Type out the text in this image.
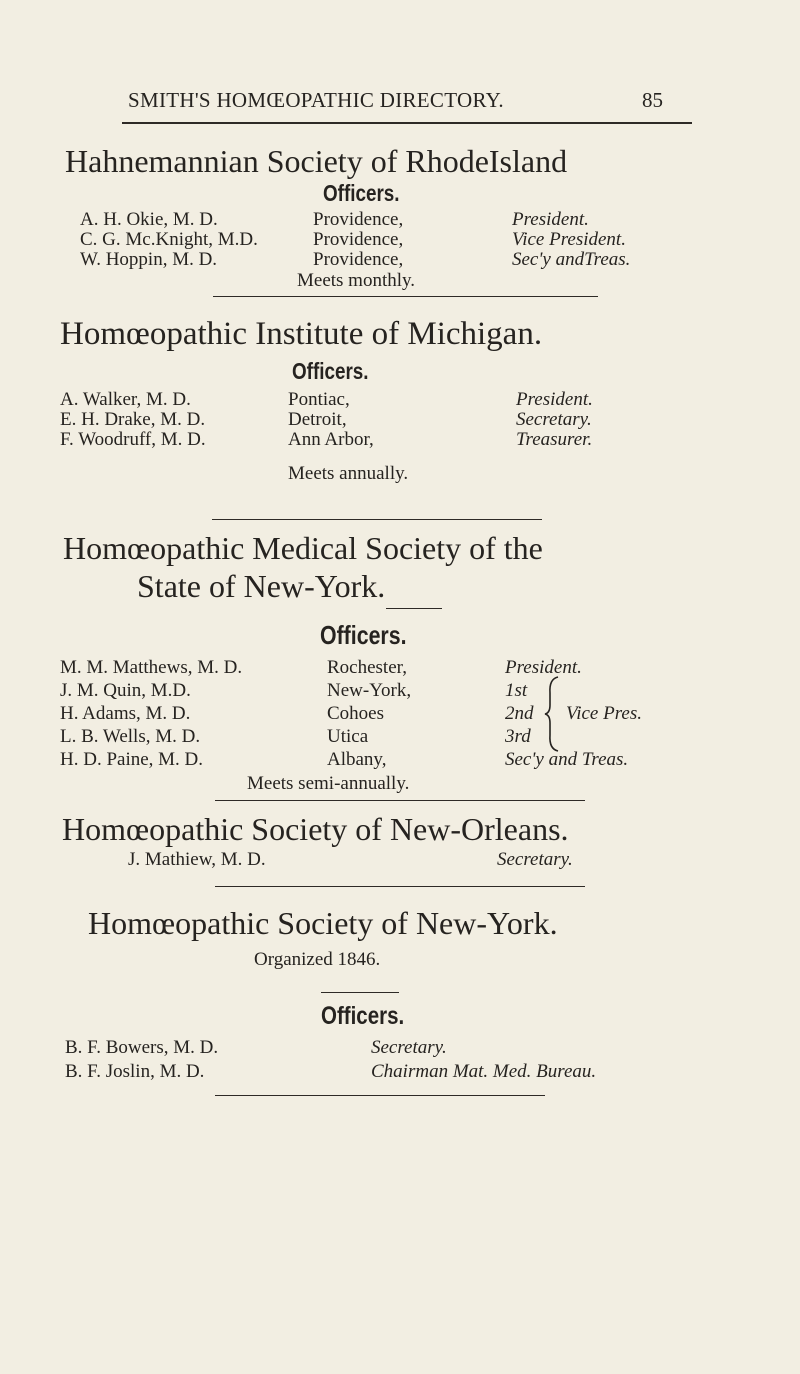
SMITH'S HOMŒOPATHIC DIRECTORY.	85
Hahnemannian Society of RhodeIsland
Officers.
A. H. Okie, M. D.	Providence,	President.
C. G. Mc.Knight, M.D.	Providence,	Vice President.
W. Hoppin, M. D.	Providence,	Sec'y andTreas.
Meets monthly.
Homœopathic Institute of Michigan.
Officers.
A. Walker, M. D.	Pontiac,	President.
E. H. Drake, M. D.	Detroit,	Secretary.
F. Woodruff, M. D.	Ann Arbor,	Treasurer.
Meets annually.
Homœopathic Medical Society of the
State of New-York.
Officers.
M. M. Matthews, M. D.	Rochester,	President.
J. M. Quin, M.D.	New-York,	1st
H. Adams, M. D.	Cohoes	2nd
L. B. Wells, M. D.	Utica	3rd
Vice Pres.
H. D. Paine, M. D.	Albany,	Sec'y and Treas.
Meets semi-annually.
Homœopathic Society of New-Orleans.
J. Mathiew, M. D.	Secretary.
Homœopathic Society of New-York.
Organized 1846.
Officers.
B. F. Bowers, M. D.	Secretary.
B. F. Joslin, M. D.	Chairman Mat. Med. Bureau.
